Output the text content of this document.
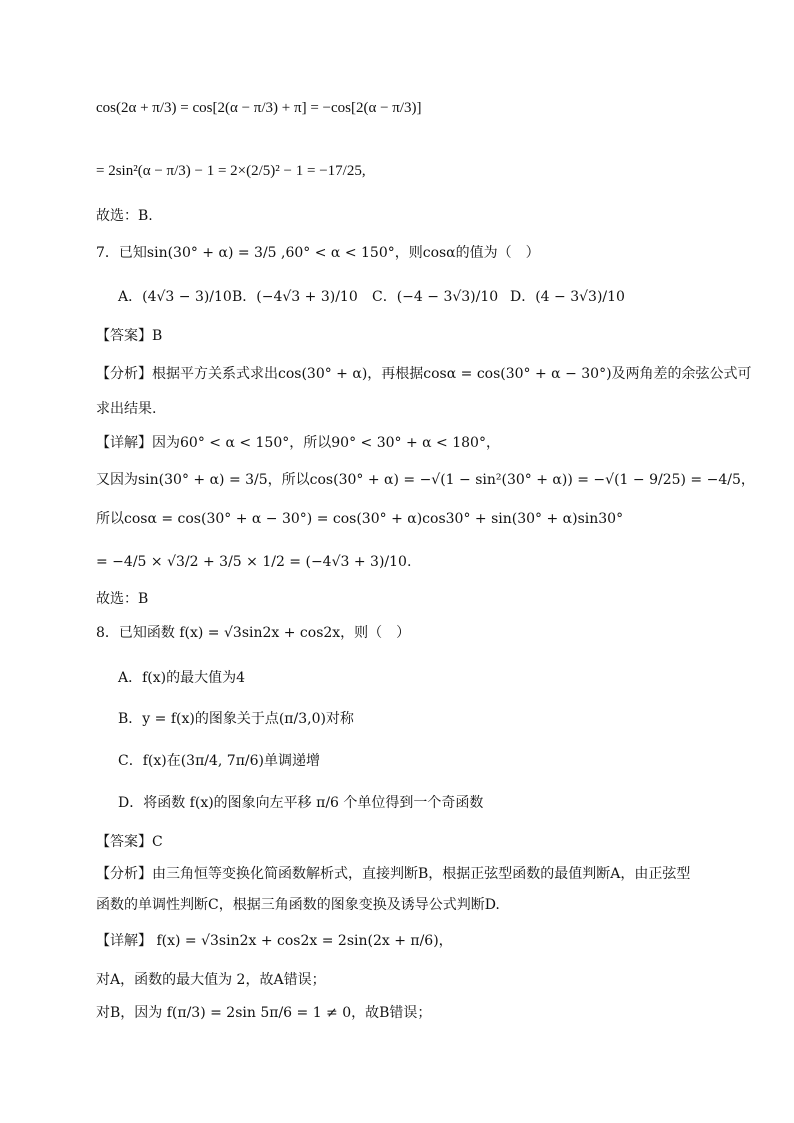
cos(2α + π/3) = cos[2(α − π/3) + π] = −cos[2(α − π/3)]
= 2sin²(α − π/3) − 1 = 2×(2/5)² − 1 = −17/25,
故选：B.
7．已知sin(30° + α) = 3/5 ,60° < α < 150°，则cosα的值为（　）
A．(4√3 − 3)/10 B．(−4√3 + 3)/10 C．(−4 − 3√3)/10 D．(4 − 3√3)/10
【答案】B
【分析】根据平方关系式求出cos(30° + α)，再根据cosα = cos(30° + α − 30°)及两角差的余弦公式可
求出结果.
【详解】因为60° < α < 150°，所以90° < 30° + α < 180°，
又因为sin(30° + α) = 3/5，所以cos(30° + α) = −√(1 − sin²(30° + α)) = −√(1 − 9/25) = −4/5，
所以cosα = cos(30° + α − 30°) = cos(30° + α)cos30° + sin(30° + α)sin30°
= −4/5 × √3/2 + 3/5 × 1/2 = (−4√3 + 3)/10.
故选：B
8．已知函数 f(x) = √3sin2x + cos2x，则（　）
A．f(x)的最大值为4
B．y = f(x)的图象关于点(π/3,0)对称
C．f(x)在(3π/4, 7π/6)单调递增
D．将函数 f(x)的图象向左平移 π/6 个单位得到一个奇函数
【答案】C
【分析】由三角恒等变换化简函数解析式，直接判断B，根据正弦型函数的最值判断A，由正弦型
函数的单调性判断C，根据三角函数的图象变换及诱导公式判断D.
【详解】 f(x) = √3sin2x + cos2x = 2sin(2x + π/6)，
对A，函数的最大值为 2，故A错误；
对B，因为 f(π/3) = 2sin 5π/6 = 1 ≠ 0，故B错误；
